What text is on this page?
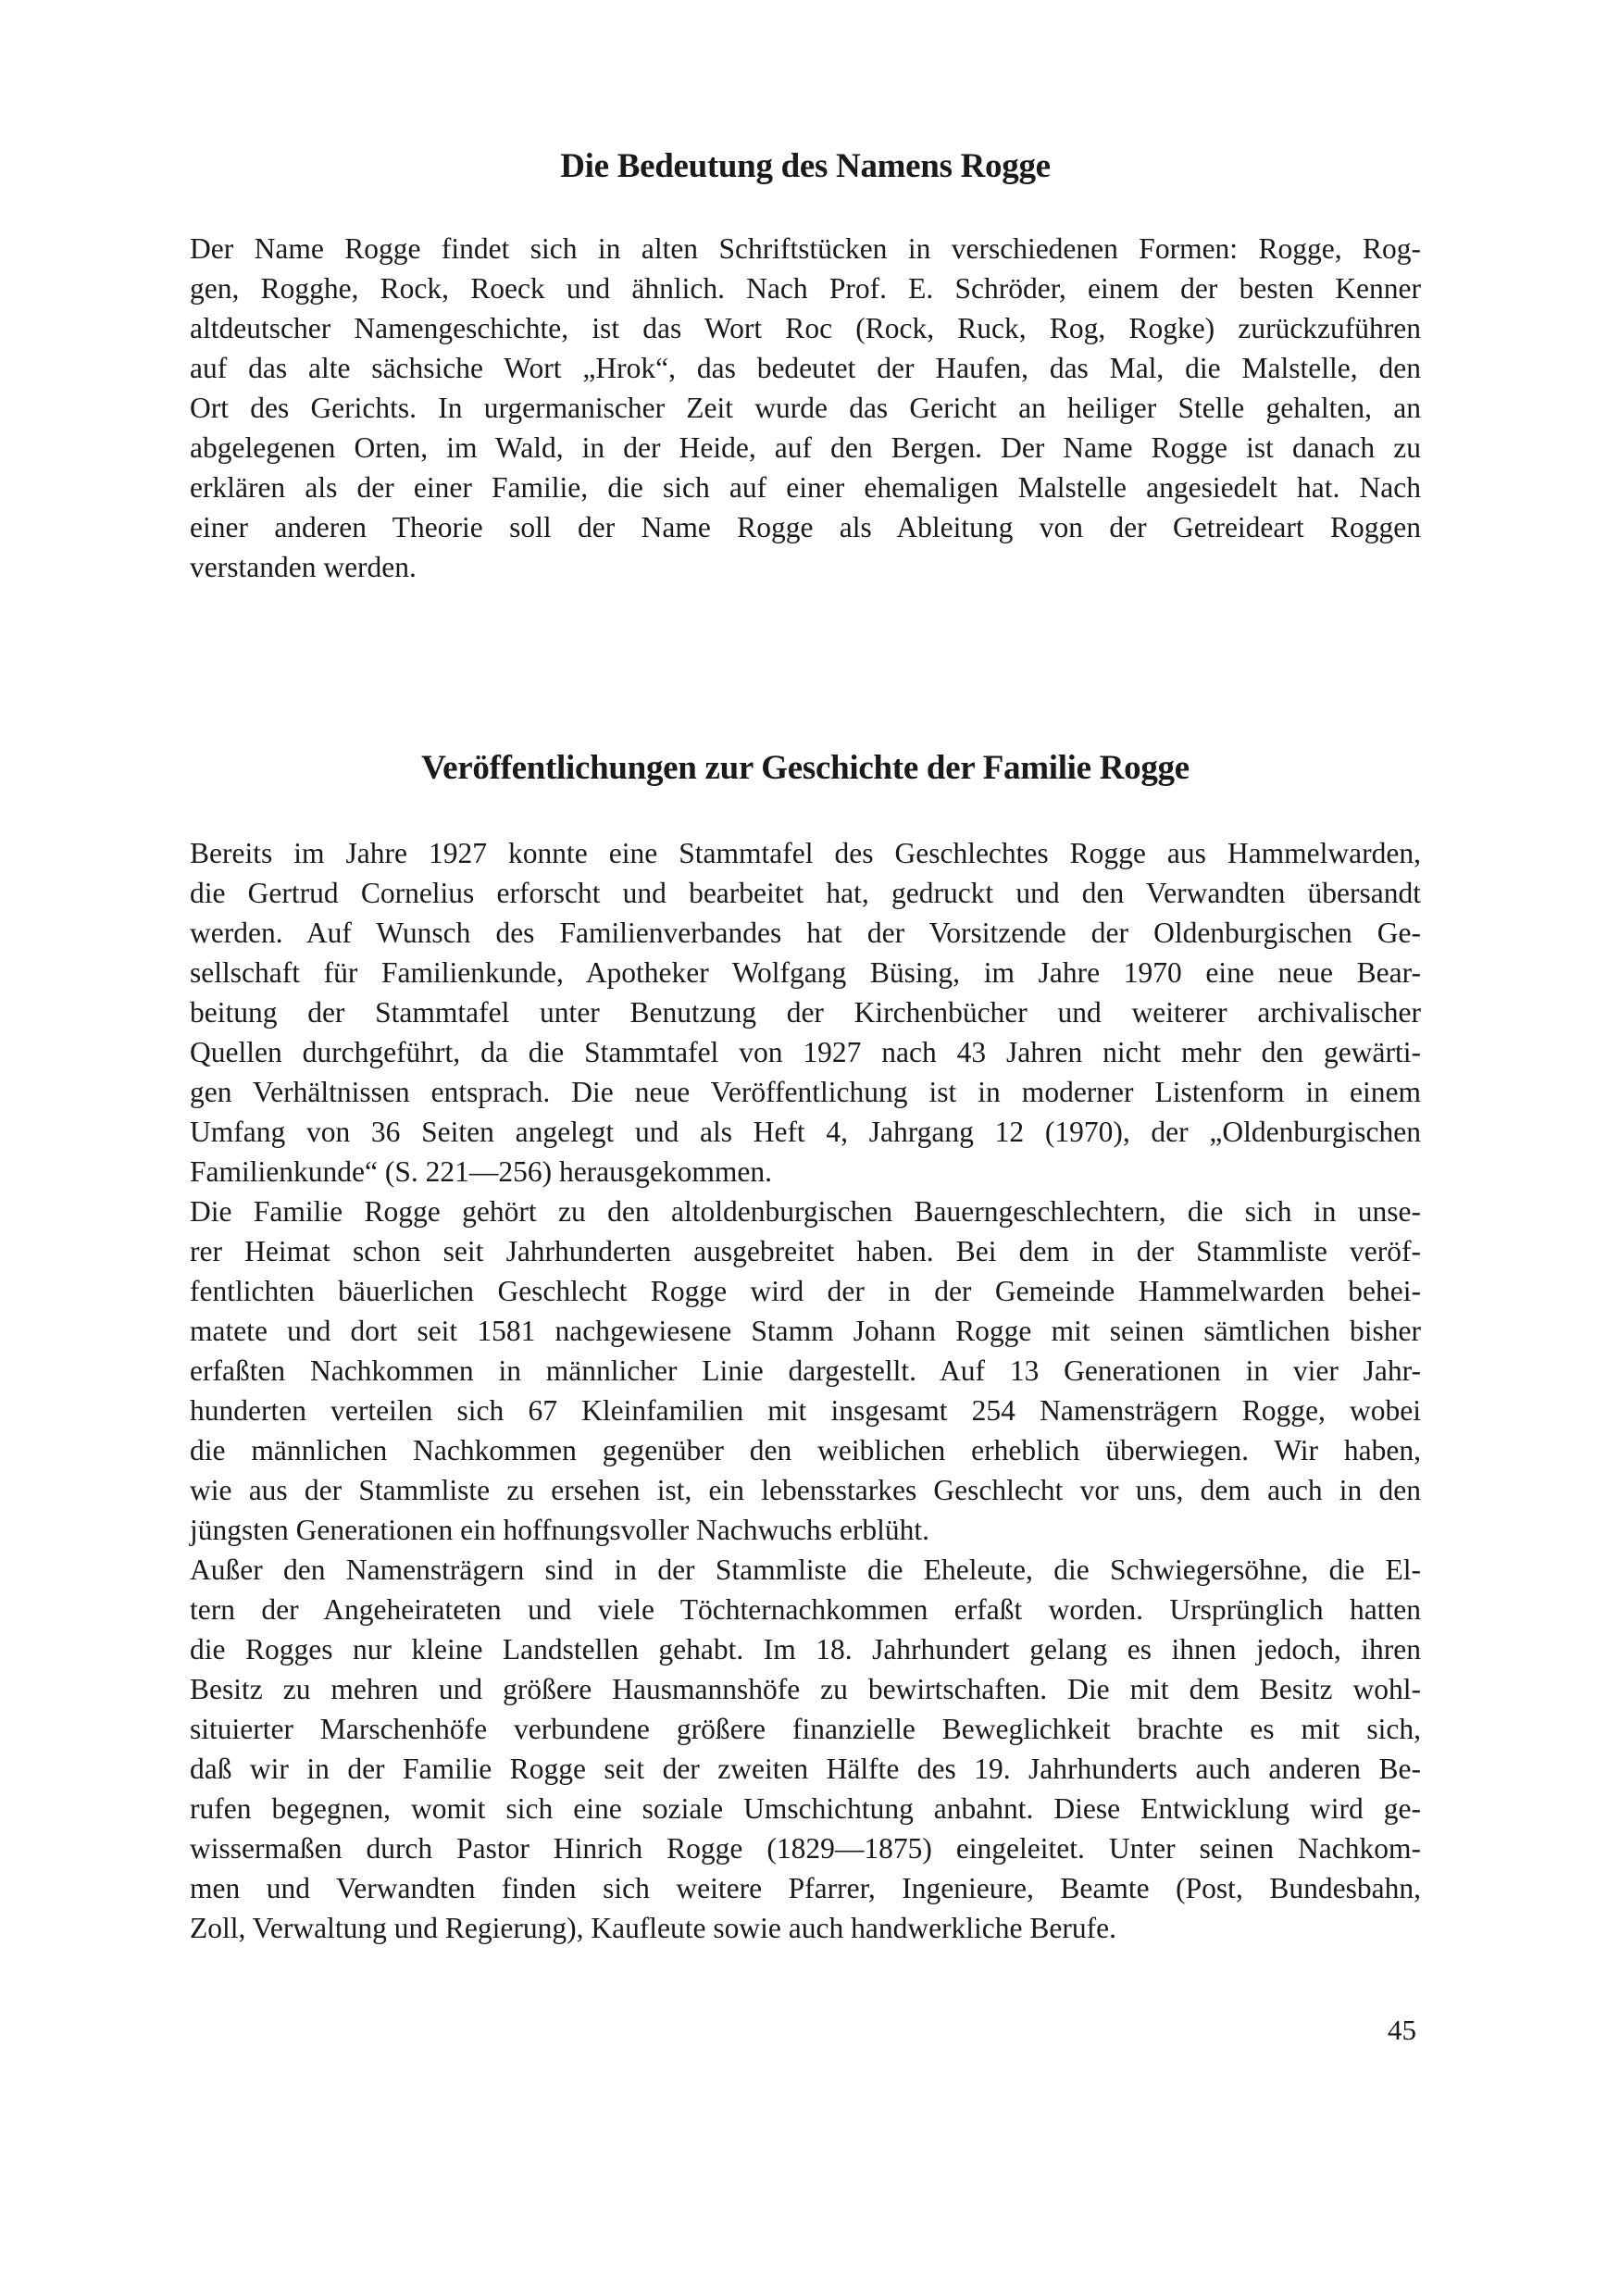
Die Bedeutung des Namens Rogge
Der Name Rogge findet sich in alten Schriftstücken in verschiedenen Formen: Rogge, Rog-
gen, Rogghe, Rock, Roeck und ähnlich. Nach Prof. E. Schröder, einem der besten Kenner
altdeutscher Namengeschichte, ist das Wort Roc (Rock, Ruck, Rog, Rogke) zurückzuführen
auf das alte sächsiche Wort „Hrok“, das bedeutet der Haufen, das Mal, die Malstelle, den
Ort des Gerichts. In urgermanischer Zeit wurde das Gericht an heiliger Stelle gehalten, an
abgelegenen Orten, im Wald, in der Heide, auf den Bergen. Der Name Rogge ist danach zu
erklären als der einer Familie, die sich auf einer ehemaligen Malstelle angesiedelt hat. Nach
einer anderen Theorie soll der Name Rogge als Ableitung von der Getreideart Roggen
verstanden werden.
Veröffentlichungen zur Geschichte der Familie Rogge
Bereits im Jahre 1927 konnte eine Stammtafel des Geschlechtes Rogge aus Hammelwarden,
die Gertrud Cornelius erforscht und bearbeitet hat, gedruckt und den Verwandten übersandt
werden. Auf Wunsch des Familienverbandes hat der Vorsitzende der Oldenburgischen Ge-
sellschaft für Familienkunde, Apotheker Wolfgang Büsing, im Jahre 1970 eine neue Bear-
beitung der Stammtafel unter Benutzung der Kirchenbücher und weiterer archivalischer
Quellen durchgeführt, da die Stammtafel von 1927 nach 43 Jahren nicht mehr den gewärti-
gen Verhältnissen entsprach. Die neue Veröffentlichung ist in moderner Listenform in einem
Umfang von 36 Seiten angelegt und als Heft 4, Jahrgang 12 (1970), der „Oldenburgischen
Familienkunde“ (S. 221—256) herausgekommen.
Die Familie Rogge gehört zu den altoldenburgischen Bauerngeschlechtern, die sich in unse-
rer Heimat schon seit Jahrhunderten ausgebreitet haben. Bei dem in der Stammliste veröf-
fentlichten bäuerlichen Geschlecht Rogge wird der in der Gemeinde Hammelwarden behei-
matete und dort seit 1581 nachgewiesene Stamm Johann Rogge mit seinen sämtlichen bisher
erfaßten Nachkommen in männlicher Linie dargestellt. Auf 13 Generationen in vier Jahr-
hunderten verteilen sich 67 Kleinfamilien mit insgesamt 254 Namensträgern Rogge, wobei
die männlichen Nachkommen gegenüber den weiblichen erheblich überwiegen. Wir haben,
wie aus der Stammliste zu ersehen ist, ein lebensstarkes Geschlecht vor uns, dem auch in den
jüngsten Generationen ein hoffnungsvoller Nachwuchs erblüht.
Außer den Namensträgern sind in der Stammliste die Eheleute, die Schwiegersöhne, die El-
tern der Angeheirateten und viele Töchternachkommen erfaßt worden. Ursprünglich hatten
die Rogges nur kleine Landstellen gehabt. Im 18. Jahrhundert gelang es ihnen jedoch, ihren
Besitz zu mehren und größere Hausmannshöfe zu bewirtschaften. Die mit dem Besitz wohl-
situierter Marschenhöfe verbundene größere finanzielle Beweglichkeit brachte es mit sich,
daß wir in der Familie Rogge seit der zweiten Hälfte des 19. Jahrhunderts auch anderen Be-
rufen begegnen, womit sich eine soziale Umschichtung anbahnt. Diese Entwicklung wird ge-
wissermaßen durch Pastor Hinrich Rogge (1829—1875) eingeleitet. Unter seinen Nachkom-
men und Verwandten finden sich weitere Pfarrer, Ingenieure, Beamte (Post, Bundesbahn,
Zoll, Verwaltung und Regierung), Kaufleute sowie auch handwerkliche Berufe.
45
